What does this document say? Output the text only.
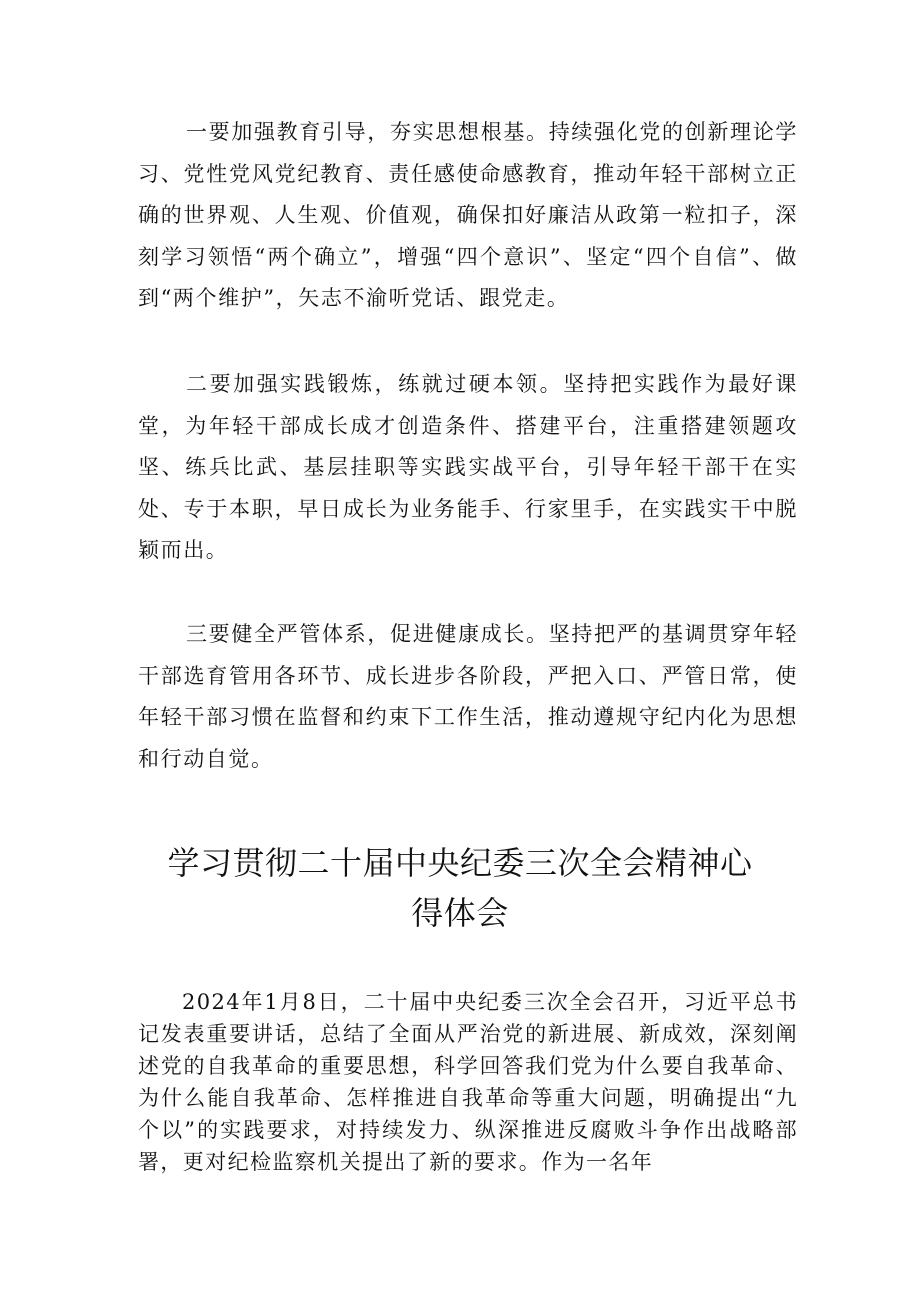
一要加强教育引导，夯实思想根基。持续强化党的创新理论学习、党性党风党纪教育、责任感使命感教育，推动年轻干部树立正确的世界观、人生观、价值观，确保扣好廉洁从政第一粒扣子，深刻学习领悟“两个确立”，增强“四个意识”、坚定“四个自信”、做到“两个维护”，矢志不渝听党话、跟党走。

二要加强实践锻炼，练就过硬本领。坚持把实践作为最好课堂，为年轻干部成长成才创造条件、搭建平台，注重搭建领题攻坚、练兵比武、基层挂职等实践实战平台，引导年轻干部干在实处、专于本职，早日成长为业务能手、行家里手，在实践实干中脱颖而出。

三要健全严管体系，促进健康成长。坚持把严的基调贯穿年轻干部选育管用各环节、成长进步各阶段，严把入口、严管日常，使年轻干部习惯在监督和约束下工作生活，推动遵规守纪内化为思想和行动自觉。

学习贯彻二十届中央纪委三次全会精神心
得体会

2024年1月8日，二十届中央纪委三次全会召开，习近平总书记发表重要讲话，总结了全面从严治党的新进展、新成效，深刻阐述党的自我革命的重要思想，科学回答我们党为什么要自我革命、为什么能自我革命、怎样推进自我革命等重大问题，明确提出“九个以”的实践要求，对持续发力、纵深推进反腐败斗争作出战略部署，更对纪检监察机关提出了新的要求。作为一名年
